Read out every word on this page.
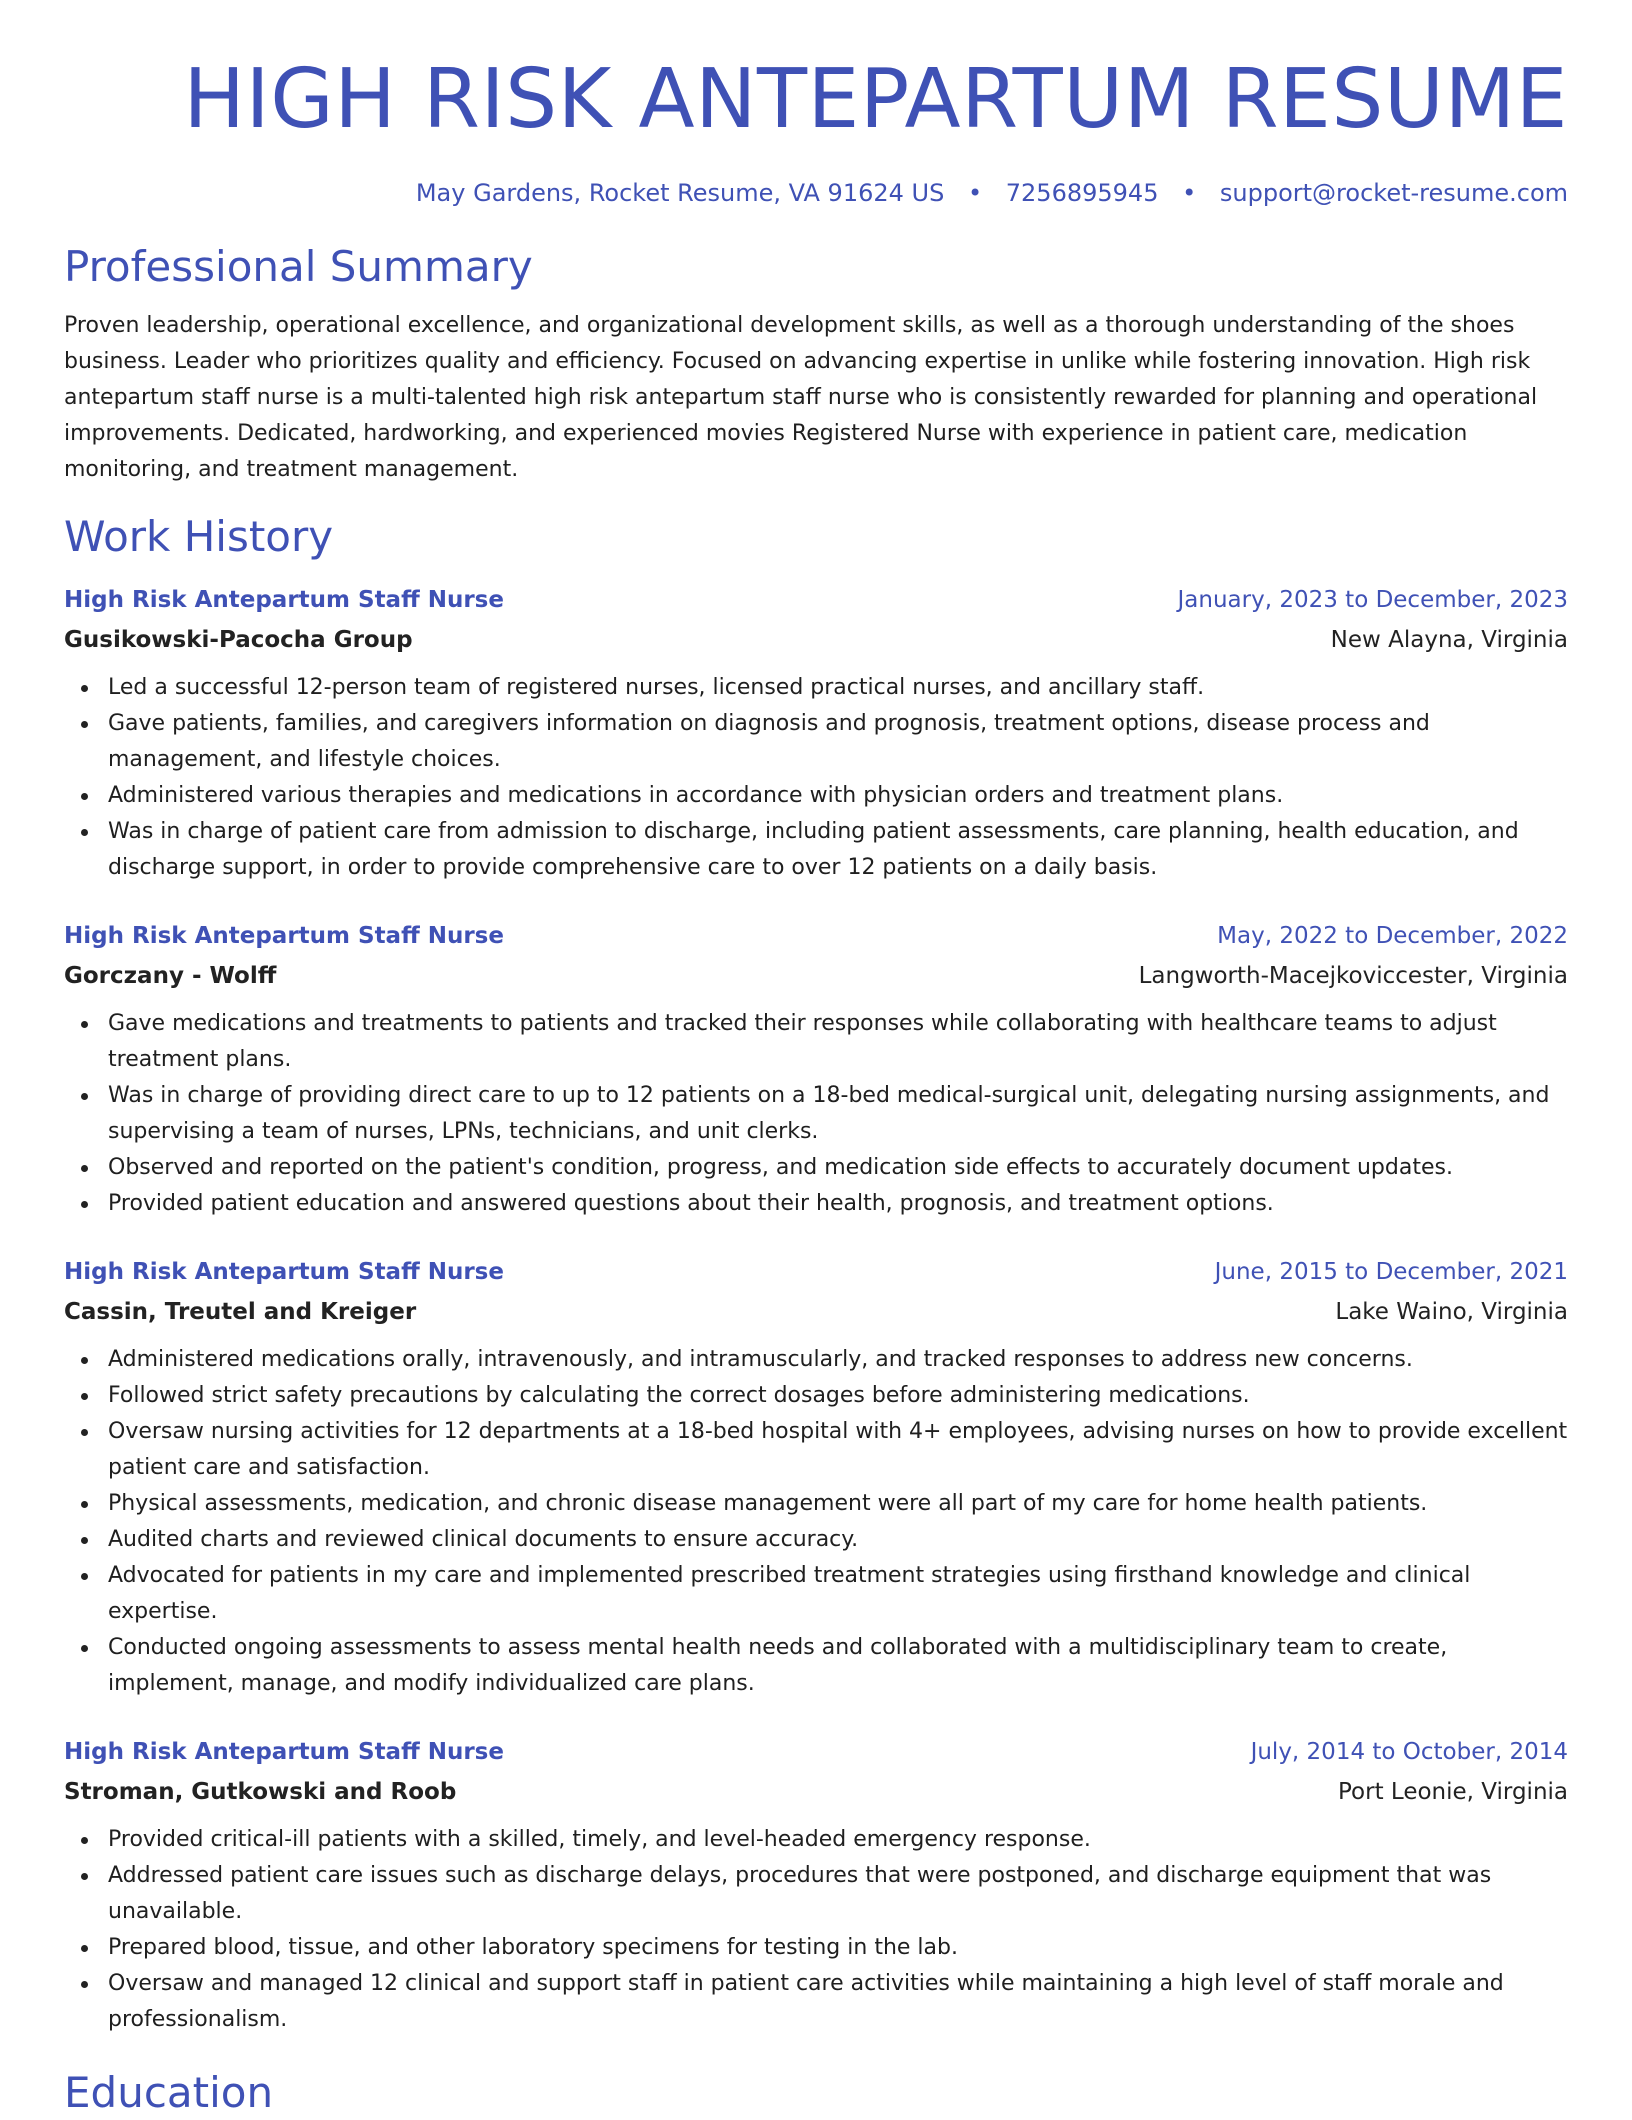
HIGH RISK ANTEPARTUM RESUME
May Gardens, Rocket Resume, VA 91624 US • 7256895945 • support@rocket-resume.com
Professional Summary

Proven leadership, operational excellence, and organizational development skills, as well as a thorough understanding of the shoes business. Leader who prioritizes quality and efficiency. Focused on advancing expertise in unlike while fostering innovation. High risk antepartum staff nurse is a multi-talented high risk antepartum staff nurse who is consistently rewarded for planning and operational improvements. Dedicated, hardworking, and experienced movies Registered Nurse with experience in patient care, medication monitoring, and treatment management.

Work History
High Risk Antepartum Staff Nurse	January, 2023 to December, 2023
Gusikowski-Pacocha Group	New Alayna, Virginia
Led a successful 12-person team of registered nurses, licensed practical nurses, and ancillary staff.
Gave patients, families, and caregivers information on diagnosis and prognosis, treatment options, disease process and management, and lifestyle choices.
Administered various therapies and medications in accordance with physician orders and treatment plans.
Was in charge of patient care from admission to discharge, including patient assessments, care planning, health education, and discharge support, in order to provide comprehensive care to over 12 patients on a daily basis.
High Risk Antepartum Staff Nurse	May, 2022 to December, 2022
Gorczany - Wolff	Langworth-Macejkoviccester, Virginia
Gave medications and treatments to patients and tracked their responses while collaborating with healthcare teams to adjust treatment plans.
Was in charge of providing direct care to up to 12 patients on a 18-bed medical-surgical unit, delegating nursing assignments, and supervising a team of nurses, LPNs, technicians, and unit clerks.
Observed and reported on the patient's condition, progress, and medication side effects to accurately document updates.
Provided patient education and answered questions about their health, prognosis, and treatment options.
High Risk Antepartum Staff Nurse	June, 2015 to December, 2021
Cassin, Treutel and Kreiger	Lake Waino, Virginia
Administered medications orally, intravenously, and intramuscularly, and tracked responses to address new concerns.
Followed strict safety precautions by calculating the correct dosages before administering medications.
Oversaw nursing activities for 12 departments at a 18-bed hospital with 4+ employees, advising nurses on how to provide excellent patient care and satisfaction.
Physical assessments, medication, and chronic disease management were all part of my care for home health patients.
Audited charts and reviewed clinical documents to ensure accuracy.
Advocated for patients in my care and implemented prescribed treatment strategies using firsthand knowledge and clinical expertise.
Conducted ongoing assessments to assess mental health needs and collaborated with a multidisciplinary team to create, implement, manage, and modify individualized care plans.
High Risk Antepartum Staff Nurse	July, 2014 to October, 2014
Stroman, Gutkowski and Roob	Port Leonie, Virginia
Provided critical-ill patients with a skilled, timely, and level-headed emergency response.
Addressed patient care issues such as discharge delays, procedures that were postponed, and discharge equipment that was unavailable.
Prepared blood, tissue, and other laboratory specimens for testing in the lab.
Oversaw and managed 12 clinical and support staff in patient care activities while maintaining a high level of staff morale and professionalism.
Education
